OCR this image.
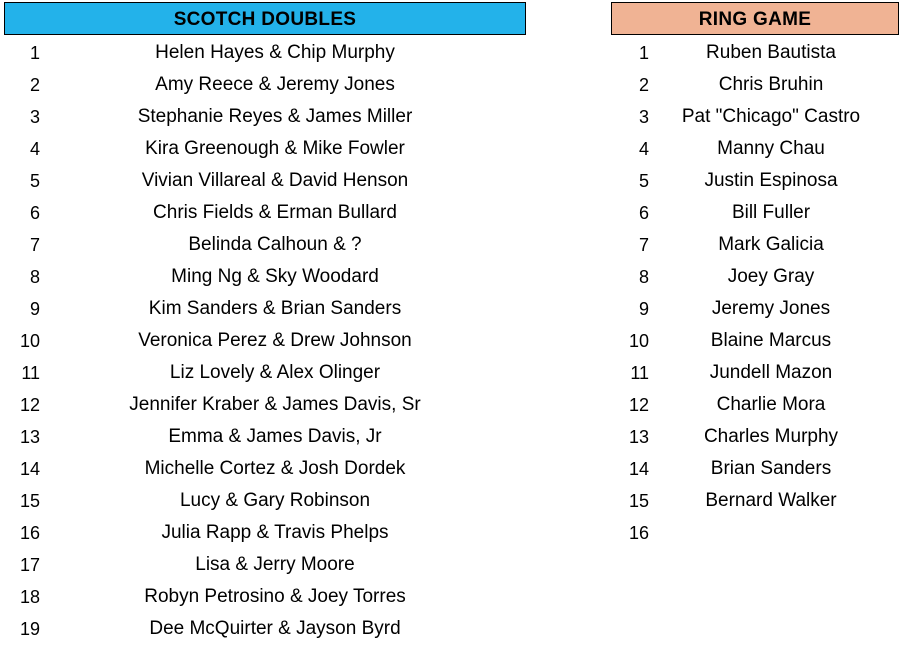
SCOTCH DOUBLES
1	Helen Hayes & Chip Murphy
2	Amy Reece & Jeremy Jones
3	Stephanie Reyes & James Miller
4	Kira Greenough & Mike Fowler
5	Vivian Villareal & David Henson
6	Chris Fields & Erman Bullard
7	Belinda Calhoun & ?
8	Ming Ng & Sky Woodard
9	Kim Sanders & Brian Sanders
10	Veronica Perez & Drew Johnson
11	Liz Lovely & Alex Olinger
12	Jennifer Kraber & James Davis, Sr
13	Emma & James Davis, Jr
14	Michelle Cortez & Josh Dordek
15	Lucy & Gary Robinson
16	Julia Rapp & Travis Phelps
17	Lisa & Jerry Moore
18	Robyn Petrosino & Joey Torres
19	Dee McQuirter & Jayson Byrd
RING GAME
1	Ruben Bautista
2	Chris Bruhin
3	Pat "Chicago" Castro
4	Manny Chau
5	Justin Espinosa
6	Bill Fuller
7	Mark Galicia
8	Joey Gray
9	Jeremy Jones
10	Blaine Marcus
11	Jundell Mazon
12	Charlie Mora
13	Charles Murphy
14	Brian Sanders
15	Bernard Walker
16
